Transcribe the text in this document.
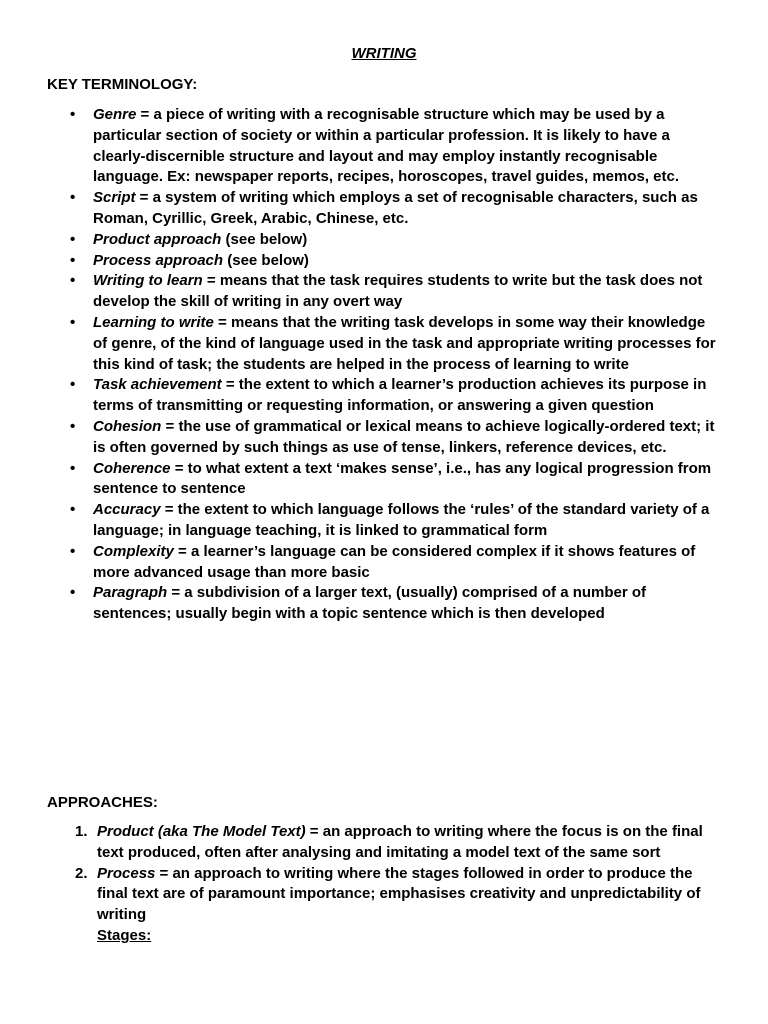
WRITING
KEY TERMINOLOGY:
• Genre = a piece of writing with a recognisable structure which may be used by a particular section of society or within a particular profession. It is likely to have a clearly-discernible structure and layout and may employ instantly recognisable language. Ex: newspaper reports, recipes, horoscopes, travel guides, memos, etc.
• Script = a system of writing which employs a set of recognisable characters, such as Roman, Cyrillic, Greek, Arabic, Chinese, etc.
• Product approach (see below)
• Process approach (see below)
• Writing to learn = means that the task requires students to write but the task does not develop the skill of writing in any overt way
• Learning to write = means that the writing task develops in some way their knowledge of genre, of the kind of language used in the task and appropriate writing processes for this kind of task; the students are helped in the process of learning to write
• Task achievement = the extent to which a learner’s production achieves its purpose in terms of transmitting or requesting information, or answering a given question
• Cohesion = the use of grammatical or lexical means to achieve logically-ordered text; it is often governed by such things as use of tense, linkers, reference devices, etc.
• Coherence = to what extent a text ‘makes sense’, i.e., has any logical progression from sentence to sentence
• Accuracy = the extent to which language follows the ‘rules’ of the standard variety of a language; in language teaching, it is linked to grammatical form
• Complexity = a learner’s language can be considered complex if it shows features of more advanced usage than more basic
• Paragraph = a subdivision of a larger text, (usually) comprised of a number of sentences; usually begin with a topic sentence which is then developed
APPROACHES:
1. Product (aka The Model Text) = an approach to writing where the focus is on the final text produced, often after analysing and imitating a model text of the same sort
2. Process = an approach to writing where the stages followed in order to produce the final text are of paramount importance; emphasises creativity and unpredictability of writing
Stages:
